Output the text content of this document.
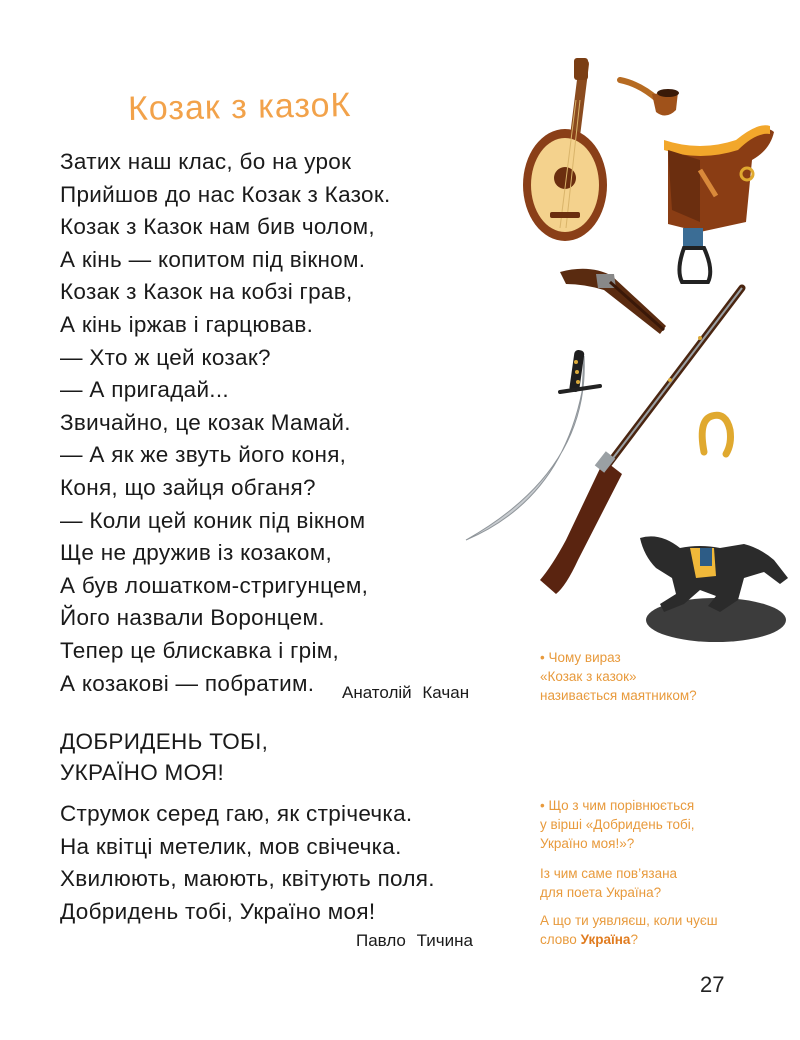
Козак з казоК
Затих наш клас, бо на урок
Прийшов до нас Козак з Казок.
Козак з Казок нам бив чолом,
А кінь — копитом під вікном.
Козак з Казок на кобзі грав,
А кінь іржав і гарцював.
— Хто ж цей козак?
— А пригадай...
Звичайно, це козак Мамай.
— А як же звуть його коня,
Коня, що зайця обганя?
— Коли цей коник під вікном
Ще не дружив із козаком,
А був лошатком-стригунцем,
Його назвали Воронцем.
Тепер це блискавка і грім,
А козакові — побратим.	Анатолій Качан
ДОБРИДЕНЬ ТОБІ,
УКРАЇНО МОЯ!
Струмок серед гаю, як стрічечка.
На квітці метелик, мов свічечка.
Хвилюють, маюють, квітують поля.
Добридень тобі, Україно моя!
Павло Тичина
• Чому вираз
«Козак з казок»
називається маятником?
• Що з чим порівнюється
у вірші «Добридень тобі,
Україно моя!»?
Із чим саме пов’язана
для поета Україна?
А що ти уявляєш, коли чуєш
слово Україна?
27
